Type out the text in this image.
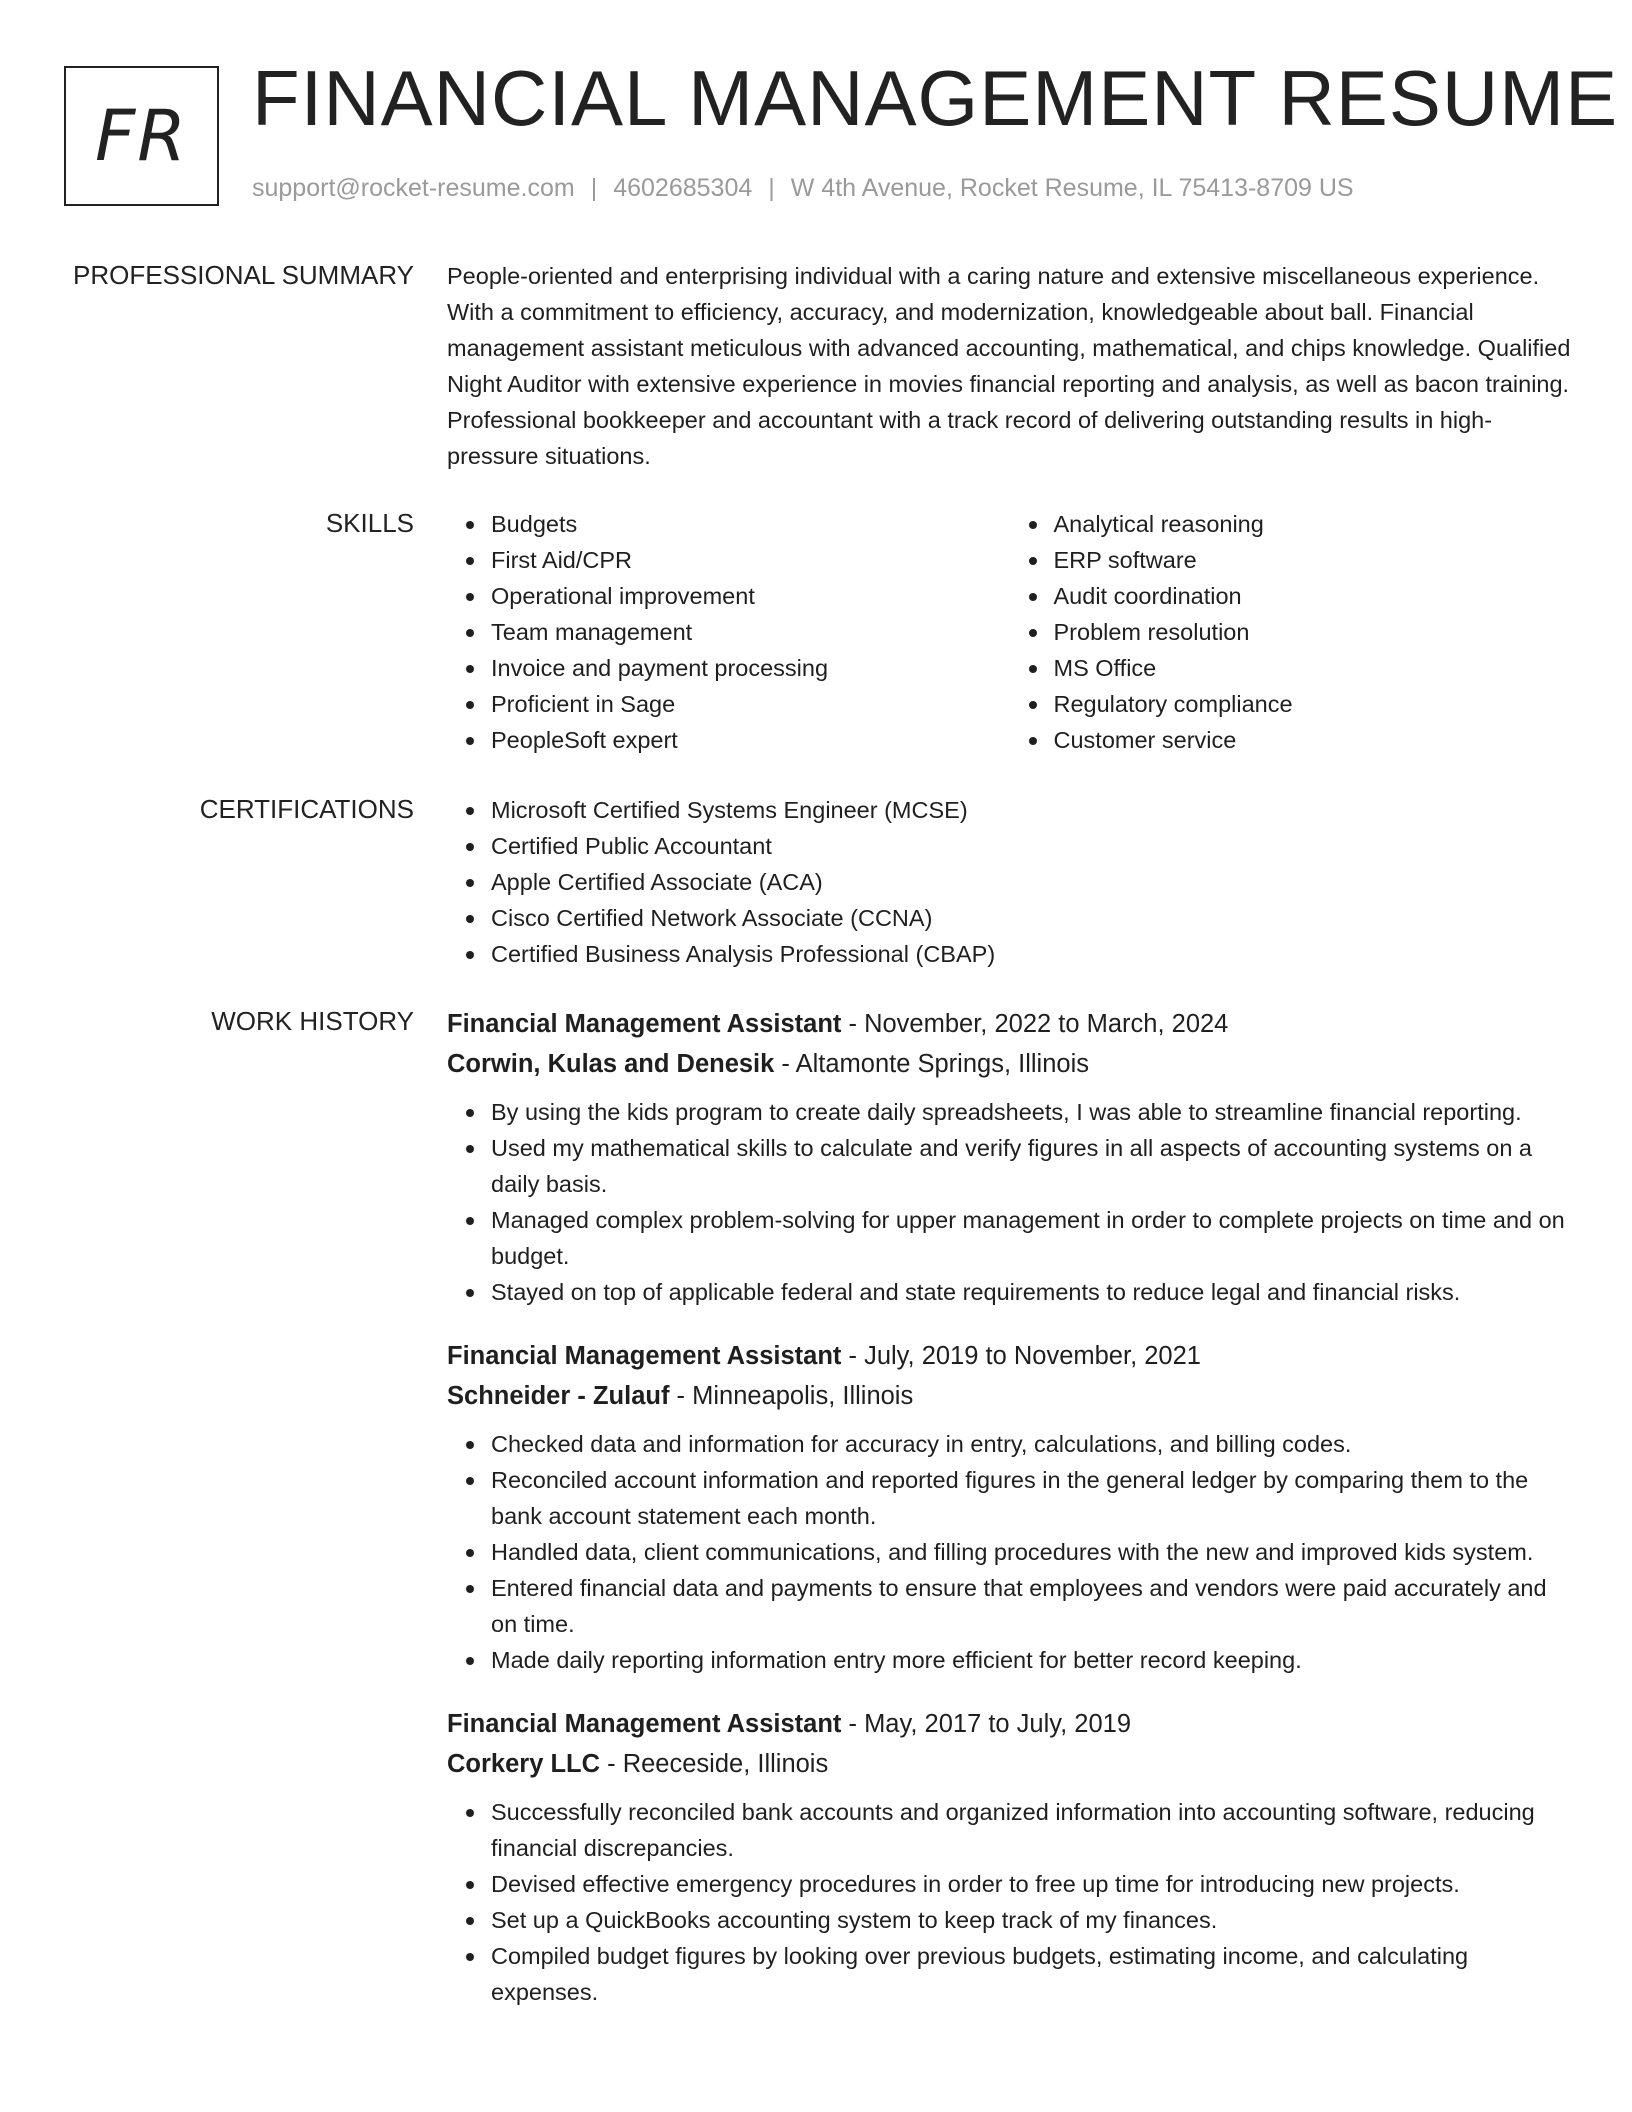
FR FINANCIAL MANAGEMENT RESUME
support@rocket-resume.com | 4602685304 | W 4th Avenue, Rocket Resume, IL 75413-8709 US
PROFESSIONAL SUMMARY People-oriented and enterprising individual with a caring nature and extensive miscellaneous experience. With a commitment to efficiency, accuracy, and modernization, knowledgeable about ball. Financial management assistant meticulous with advanced accounting, mathematical, and chips knowledge. Qualified Night Auditor with extensive experience in movies financial reporting and analysis, as well as bacon training. Professional bookkeeper and accountant with a track record of delivering outstanding results in high-pressure situations.

SKILLS	Budgets
First Aid/CPR
Operational improvement
Team management
Invoice and payment processing
Proficient in Sage
PeopleSoft expert
Analytical reasoning
ERP software
Audit coordination
Problem resolution
MS Office
Regulatory compliance
Customer service
CERTIFICATIONS	Microsoft Certified Systems Engineer (MCSE)
Certified Public Accountant
Apple Certified Associate (ACA)
Cisco Certified Network Associate (CCNA)
Certified Business Analysis Professional (CBAP)
WORK HISTORY Financial Management Assistant - November, 2022 to March, 2024

Corwin, Kulas and Denesik - Altamonte Springs, Illinois

By using the kids program to create daily spreadsheets, I was able to streamline financial reporting.
Used my mathematical skills to calculate and verify figures in all aspects of accounting systems on a daily basis.
Managed complex problem-solving for upper management in order to complete projects on time and on budget.
Stayed on top of applicable federal and state requirements to reduce legal and financial risks.

Financial Management Assistant - July, 2019 to November, 2021

Schneider - Zulauf - Minneapolis, Illinois

Checked data and information for accuracy in entry, calculations, and billing codes.
Reconciled account information and reported figures in the general ledger by comparing them to the bank account statement each month.
Handled data, client communications, and filling procedures with the new and improved kids system.
Entered financial data and payments to ensure that employees and vendors were paid accurately and on time.
Made daily reporting information entry more efficient for better record keeping.

Financial Management Assistant - May, 2017 to July, 2019

Corkery LLC - Reeceside, Illinois

Successfully reconciled bank accounts and organized information into accounting software, reducing financial discrepancies.
Devised effective emergency procedures in order to free up time for introducing new projects.
Set up a QuickBooks accounting system to keep track of my finances.
Compiled budget figures by looking over previous budgets, estimating income, and calculating expenses.
